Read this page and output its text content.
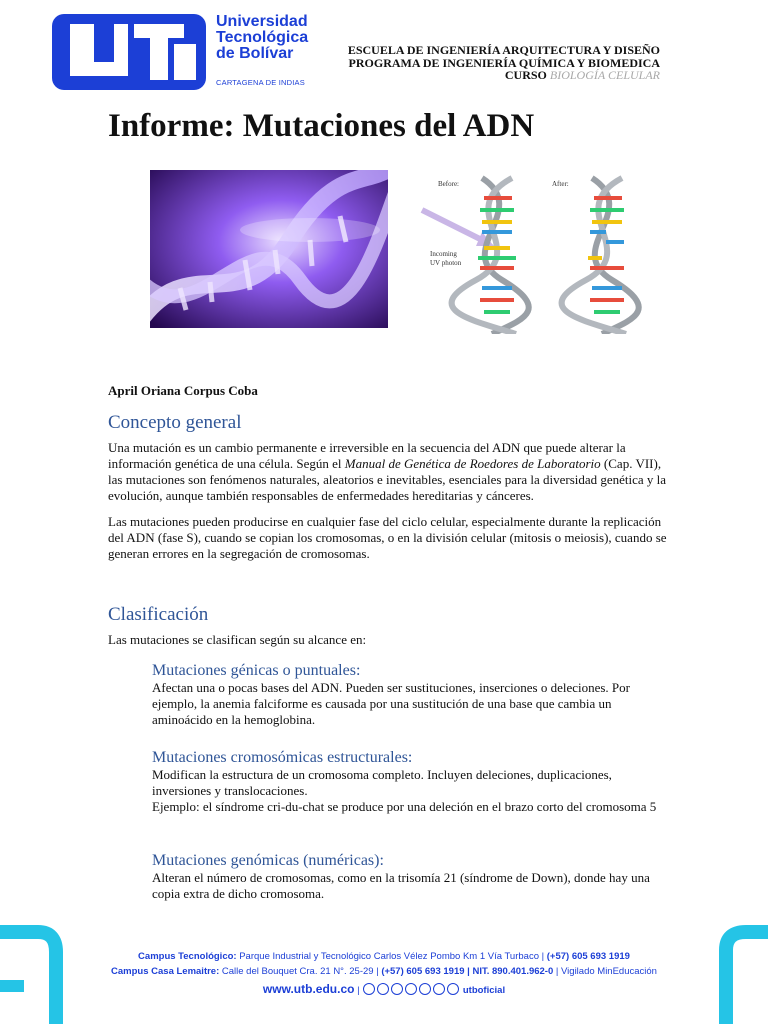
Universidad
Tecnológica
de Bolívar
CARTAGENA DE INDIAS
ESCUELA DE INGENIERÍA ARQUITECTURA Y DISEÑO
PROGRAMA DE INGENIERÍA QUÍMICA Y BIOMEDICA
CURSO BIOLOGÍA CELULAR
Informe: Mutaciones del ADN
Before:	After:
Incoming
UV photon
April Oriana Corpus Coba
Concepto general

Una mutación es un cambio permanente e irreversible en la secuencia del ADN que puede alterar la información genética de una célula. Según el Manual de Genética de Roedores de Laboratorio (Cap. VII), las mutaciones son fenómenos naturales, aleatorios e inevitables, esenciales para la diversidad genética y la evolución, aunque también responsables de enfermedades hereditarias y cánceres.

Las mutaciones pueden producirse en cualquier fase del ciclo celular, especialmente durante la replicación del ADN (fase S), cuando se copian los cromosomas, o en la división celular (mitosis o meiosis), cuando se generan errores en la segregación de cromosomas.

Clasificación

Las mutaciones se clasifican según su alcance en:

Mutaciones génicas o puntuales:

Afectan una o pocas bases del ADN. Pueden ser sustituciones, inserciones o deleciones. Por ejemplo, la anemia falciforme es causada por una sustitución de una base que cambia un aminoácido en la hemoglobina.

Mutaciones cromosómicas estructurales:

Modifican la estructura de un cromosoma completo. Incluyen deleciones, duplicaciones, inversiones y translocaciones.

Ejemplo: el síndrome cri-du-chat se produce por una deleción en el brazo corto del cromosoma 5

Mutaciones genómicas (numéricas):

Alteran el número de cromosomas, como en la trisomía 21 (síndrome de Down), donde hay una copia extra de dicho cromosoma.

Campus Tecnológico: Parque Industrial y Tecnológico Carlos Vélez Pombo Km 1 Vía Turbaco | (+57) 605 693 1919
Campus Casa Lemaitre: Calle del Bouquet Cra. 21 N°. 25-29 | (+57) 605 693 1919 | NIT. 890.401.962-0 | Vigilado MinEducación
www.utb.edu.co |	utboficial
